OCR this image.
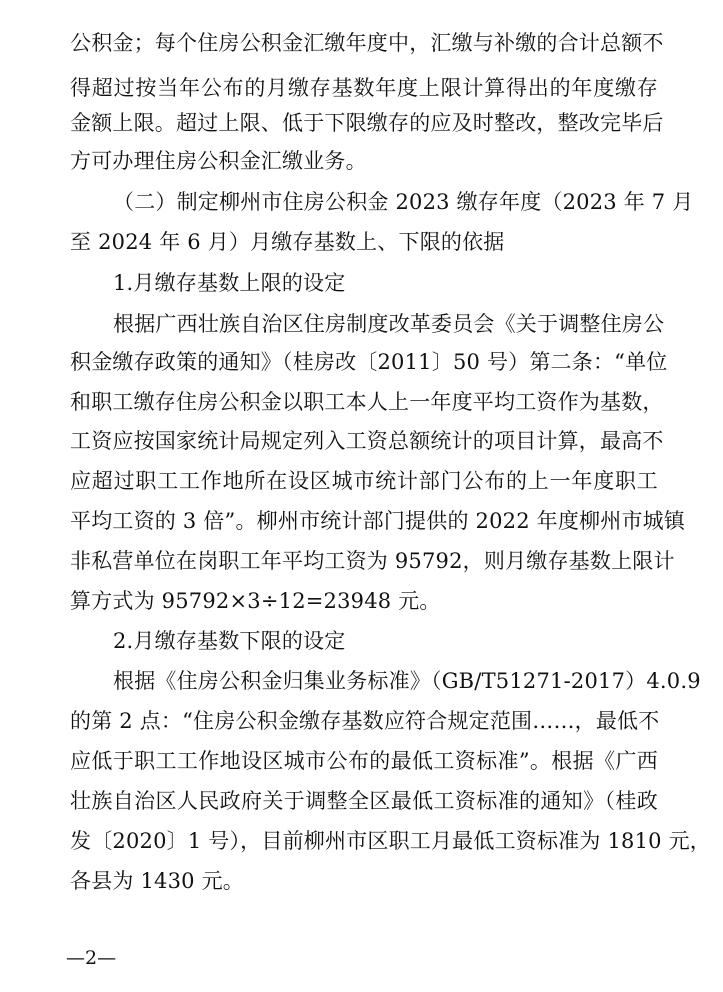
公积金；每个住房公积金汇缴年度中，汇缴与补缴的合计总额不
得超过按当年公布的月缴存基数年度上限计算得出的年度缴存
金额上限。超过上限、低于下限缴存的应及时整改，整改完毕后
方可办理住房公积金汇缴业务。
（二）制定柳州市住房公积金 2023 缴存年度（2023 年 7 月
至 2024 年 6 月）月缴存基数上、下限的依据
1.月缴存基数上限的设定
根据广西壮族自治区住房制度改革委员会《关于调整住房公
积金缴存政策的通知》（桂房改〔2011〕50 号）第二条：“单位
和职工缴存住房公积金以职工本人上一年度平均工资作为基数，
工资应按国家统计局规定列入工资总额统计的项目计算，最高不
应超过职工工作地所在设区城市统计部门公布的上一年度职工
平均工资的 3 倍”。柳州市统计部门提供的 2022 年度柳州市城镇
非私营单位在岗职工年平均工资为 95792，则月缴存基数上限计
算方式为 95792×3÷12=23948 元。
2.月缴存基数下限的设定
根据《住房公积金归集业务标准》（GB/T51271-2017）4.0.9
的第 2 点：“住房公积金缴存基数应符合规定范围……，最低不
应低于职工工作地设区城市公布的最低工资标准”。根据《广西
壮族自治区人民政府关于调整全区最低工资标准的通知》（桂政
发〔2020〕1 号），目前柳州市区职工月最低工资标准为 1810 元，
各县为 1430 元。
—2—
